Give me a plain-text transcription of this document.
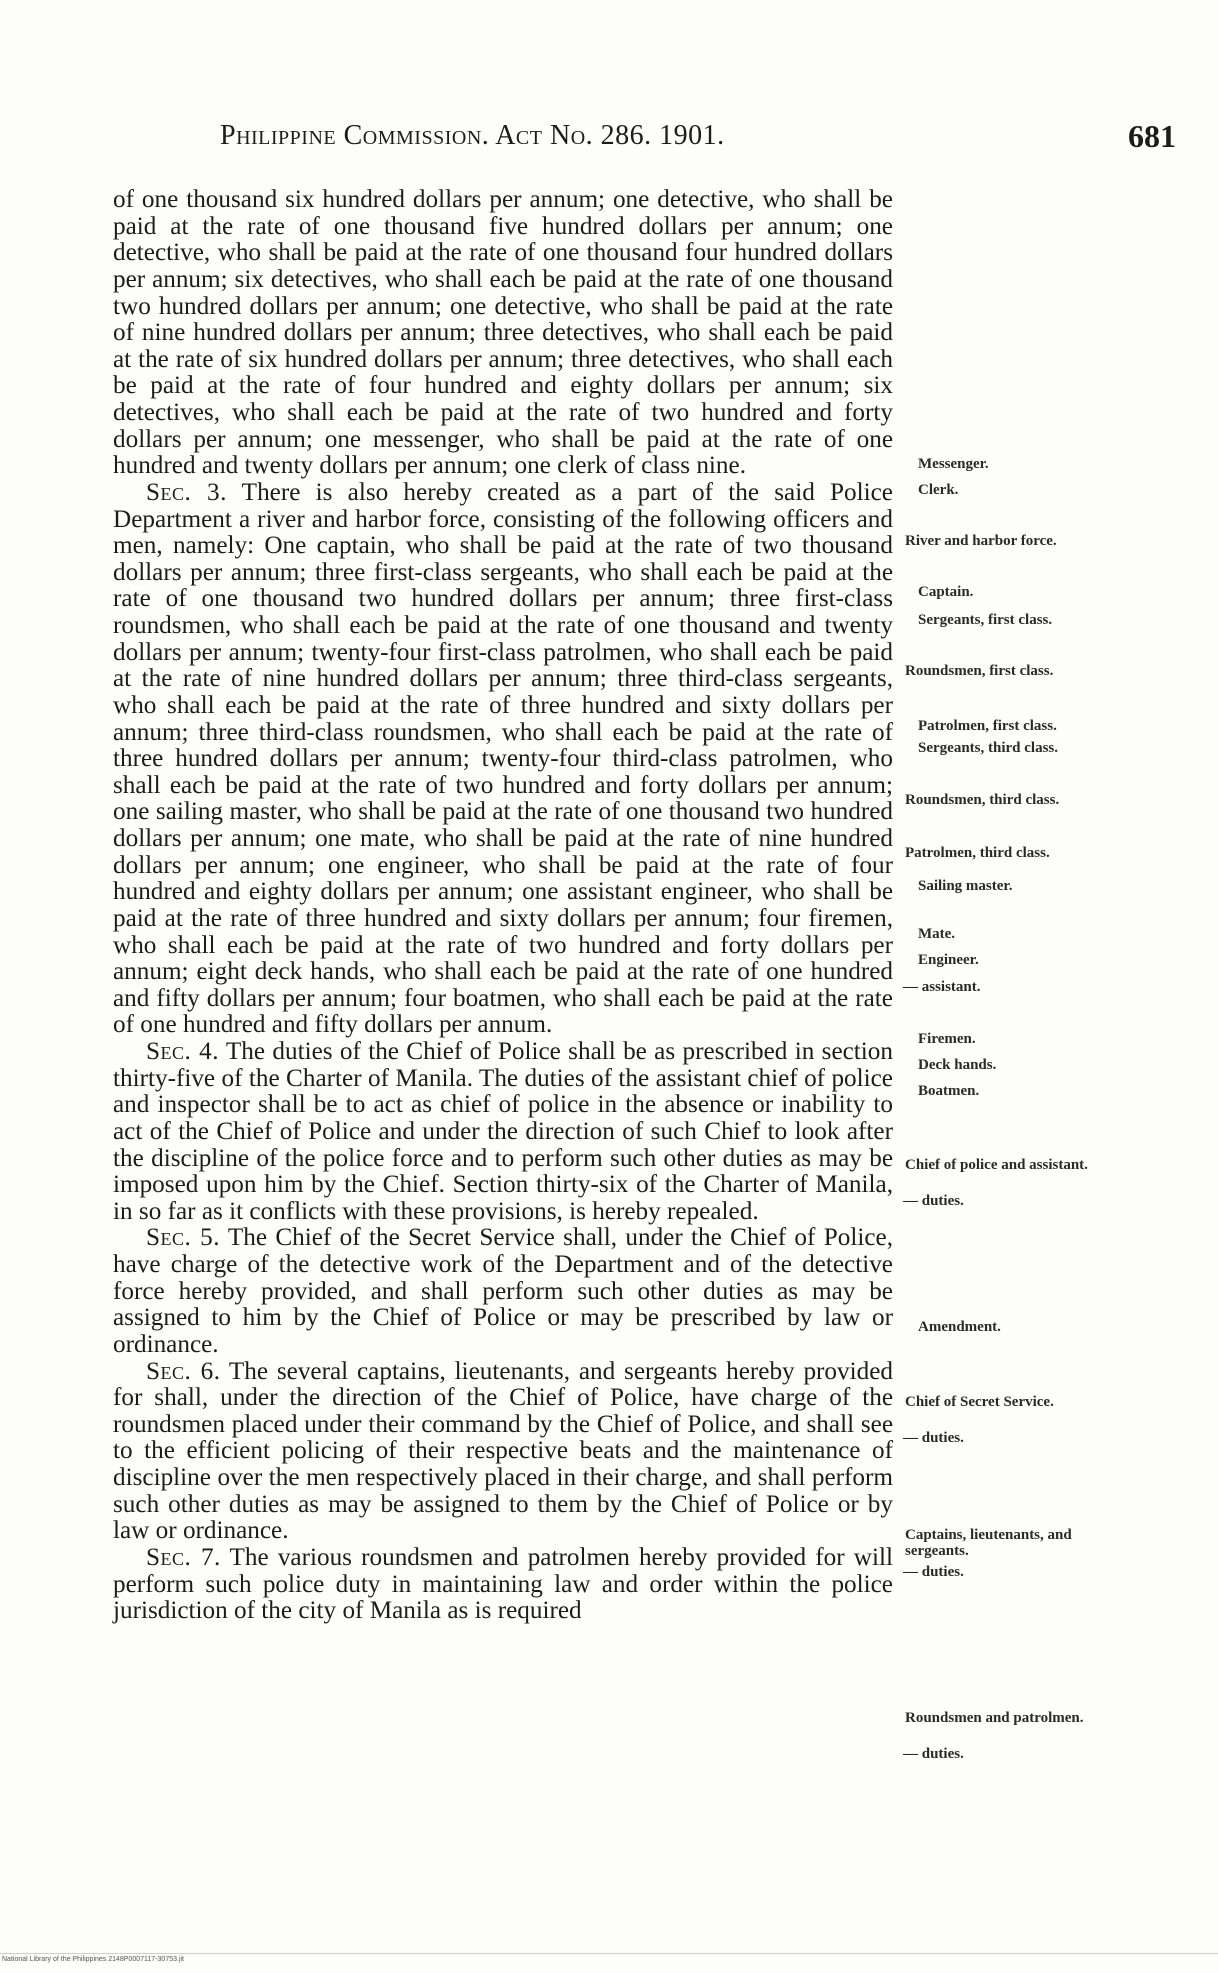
Philippine Commission. Act No. 286. 1901.	681

of one thousand six hundred dollars per annum; one detective, who shall be paid at the rate of one thousand five hundred dollars per annum; one detective, who shall be paid at the rate of one thousand four hundred dollars per annum; six detectives, who shall each be paid at the rate of one thousand two hundred dollars per annum; one detective, who shall be paid at the rate of nine hundred dollars per annum; three detectives, who shall each be paid at the rate of six hundred dollars per annum; three detectives, who shall each be paid at the rate of four hundred and eighty dollars per annum; six detectives, who shall each be paid at the rate of two hundred and forty dollars per annum; one messenger, who shall be paid at the rate of one hundred and twenty dollars per annum; one clerk of class nine.

Sec. 3. There is also hereby created as a part of the said Police Department a river and harbor force, consisting of the following officers and men, namely: One captain, who shall be paid at the rate of two thousand dollars per annum; three first-class sergeants, who shall each be paid at the rate of one thousand two hundred dollars per annum; three first-class roundsmen, who shall each be paid at the rate of one thousand and twenty dollars per annum; twenty-four first-class patrolmen, who shall each be paid at the rate of nine hundred dollars per annum; three third-class sergeants, who shall each be paid at the rate of three hundred and sixty dollars per annum; three third-class roundsmen, who shall each be paid at the rate of three hundred dollars per annum; twenty-four third-class patrolmen, who shall each be paid at the rate of two hundred and forty dollars per annum; one sailing master, who shall be paid at the rate of one thousand two hundred dollars per annum; one mate, who shall be paid at the rate of nine hundred dollars per annum; one engineer, who shall be paid at the rate of four hundred and eighty dollars per annum; one assistant engineer, who shall be paid at the rate of three hundred and sixty dollars per annum; four firemen, who shall each be paid at the rate of two hundred and forty dollars per annum; eight deck hands, who shall each be paid at the rate of one hundred and fifty dollars per annum; four boatmen, who shall each be paid at the rate of one hundred and fifty dollars per annum.

Sec. 4. The duties of the Chief of Police shall be as prescribed in section thirty-five of the Charter of Manila. The duties of the assistant chief of police and inspector shall be to act as chief of police in the absence or inability to act of the Chief of Police and under the direction of such Chief to look after the discipline of the police force and to perform such other duties as may be imposed upon him by the Chief. Section thirty-six of the Charter of Manila, in so far as it conflicts with these provisions, is hereby repealed.

Sec. 5. The Chief of the Secret Service shall, under the Chief of Police, have charge of the detective work of the Department and of the detective force hereby provided, and shall perform such other duties as may be assigned to him by the Chief of Police or may be prescribed by law or ordinance.

Sec. 6. The several captains, lieutenants, and sergeants hereby provided for shall, under the direction of the Chief of Police, have charge of the roundsmen placed under their command by the Chief of Police, and shall see to the efficient policing of their respective beats and the maintenance of discipline over the men respectively placed in their charge, and shall perform such other duties as may be assigned to them by the Chief of Police or by law or ordinance.

Sec. 7. The various roundsmen and patrolmen hereby provided for will perform such police duty in maintaining law and order within the police jurisdiction of the city of Manila as is required

Messenger.
Clerk.
River and harbor force.
Captain.
Sergeants, first class.
Roundsmen, first class.
Patrolmen, first class.
Sergeants, third class.
Roundsmen, third class.
Patrolmen, third class.
Sailing master.
Mate.
Engineer.
— assistant.
Firemen.
Deck hands.
Boatmen.
Chief of police and assistant.
— duties.
Amendment.
Chief of Secret Service.
— duties.
Captains, lieutenants, and sergeants.
— duties.
Roundsmen and patrolmen.
— duties.
National Library of the Philippines 2148P0007117-30753.jit
